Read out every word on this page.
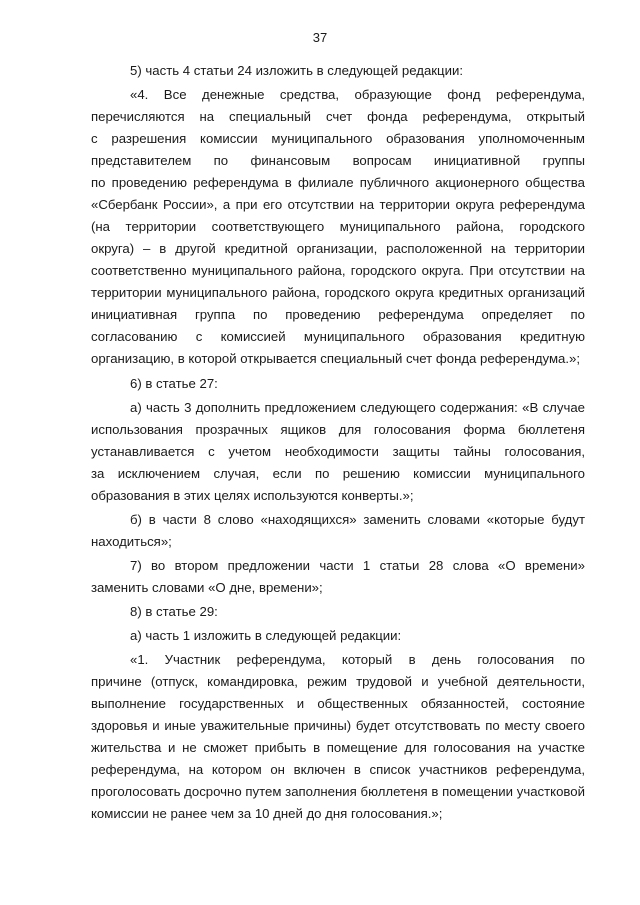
37
5) часть 4 статьи 24 изложить в следующей редакции:
«4. Все денежные средства, образующие фонд референдума,
перечисляются на специальный счет фонда референдума, открытый
с разрешения комиссии муниципального образования уполномоченным
представителем по финансовым вопросам инициативной группы
по проведению референдума в филиале публичного акционерного общества
«Сбербанк России», а при его отсутствии на территории округа референдума
(на территории соответствующего муниципального района, городского
округа) – в другой кредитной организации, расположенной на территории
соответственно муниципального района, городского округа. При отсутствии на
территории муниципального района, городского округа кредитных организаций
инициативная группа по проведению референдума определяет по
согласованию с комиссией муниципального образования кредитную
организацию, в которой открывается специальный счет фонда референдума.»;
6) в статье 27:
а) часть 3 дополнить предложением следующего содержания: «В случае
использования прозрачных ящиков для голосования форма бюллетеня
устанавливается с учетом необходимости защиты тайны голосования,
за исключением случая, если по решению комиссии муниципального
образования в этих целях используются конверты.»;
б) в части 8 слово «находящихся» заменить словами «которые будут
находиться»;
7) во втором предложении части 1 статьи 28 слова «О времени»
заменить словами «О дне, времени»;
8) в статье 29:
а) часть 1 изложить в следующей редакции:
«1. Участник референдума, который в день голосования по
причине (отпуск, командировка, режим трудовой и учебной деятельности,
выполнение государственных и общественных обязанностей, состояние
здоровья и иные уважительные причины) будет отсутствовать по месту своего
жительства и не сможет прибыть в помещение для голосования на участке
референдума, на котором он включен в список участников референдума,
проголосовать досрочно путем заполнения бюллетеня в помещении участковой
комиссии не ранее чем за 10 дней до дня голосования.»;
